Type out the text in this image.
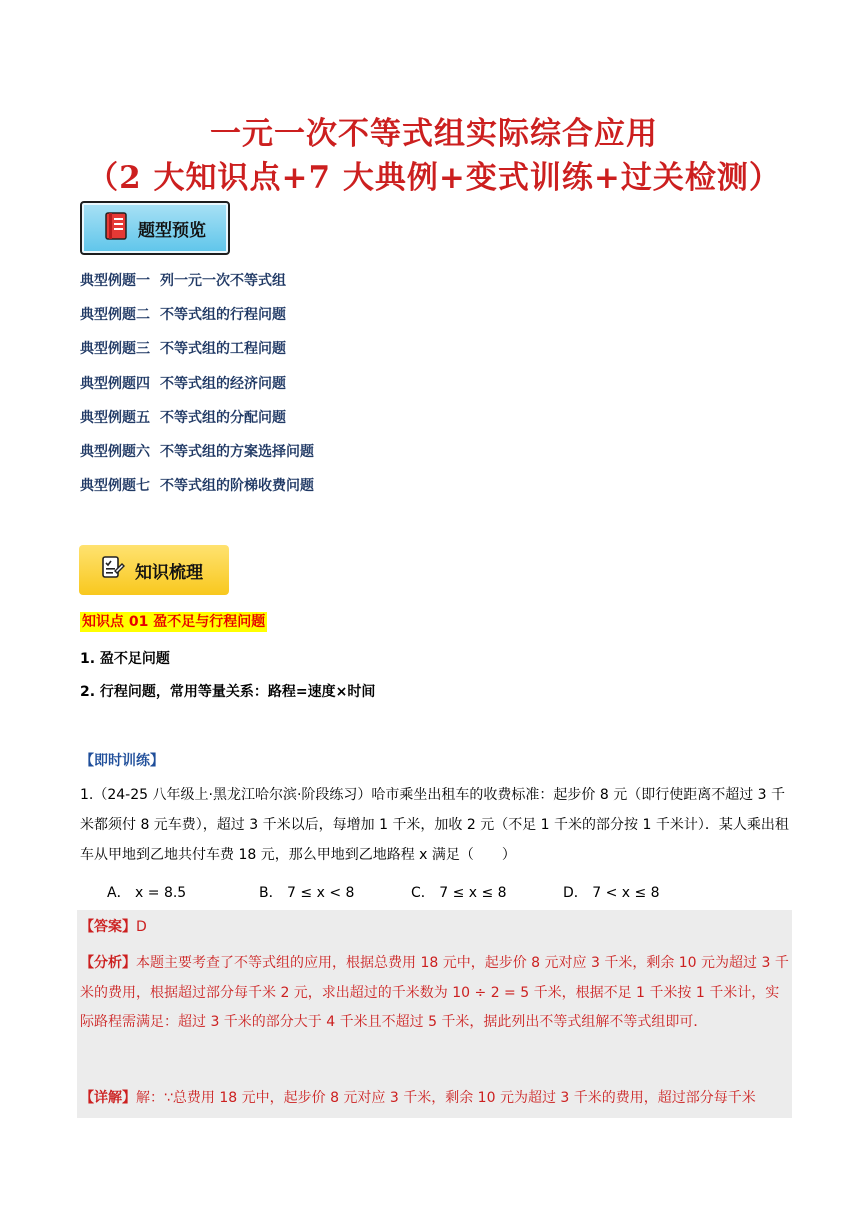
一元一次不等式组实际综合应用
（2 大知识点+7 大典例+变式训练+过关检测）
题型预览
典型例题一 列一元一次不等式组
典型例题二 不等式组的行程问题
典型例题三 不等式组的工程问题
典型例题四 不等式组的经济问题
典型例题五 不等式组的分配问题
典型例题六 不等式组的方案选择问题
典型例题七 不等式组的阶梯收费问题
知识梳理
知识点 01 盈不足与行程问题
1. 盈不足问题
2. 行程问题，常用等量关系：路程=速度×时间
【即时训练】
1.（24-25 八年级上·黑龙江哈尔滨·阶段练习）哈市乘坐出租车的收费标准：起步价 8 元（即行使距离不超过 3 千米都须付 8 元车费），超过 3 千米以后，每增加 1 千米，加收 2 元（不足 1 千米的部分按 1 千米计）．某人乘出租车从甲地到乙地共付车费 18 元，那么甲地到乙地路程 x 满足（　　）
A． x = 8.5	B． 7 ≤ x < 8	C． 7 ≤ x ≤ 8	D． 7 < x ≤ 8
【答案】D
【分析】本题主要考查了不等式组的应用，根据总费用 18 元中，起步价 8 元对应 3 千米，剩余 10 元为超过 3 千米的费用，根据超过部分每千米 2 元，求出超过的千米数为 10 ÷ 2 = 5 千米，根据不足 1 千米按 1 千米计，实际路程需满足：超过 3 千米的部分大于 4 千米且不超过 5 千米，据此列出不等式组解不等式组即可．
【详解】解：∵总费用 18 元中，起步价 8 元对应 3 千米，剩余 10 元为超过 3 千米的费用，超过部分每千米
